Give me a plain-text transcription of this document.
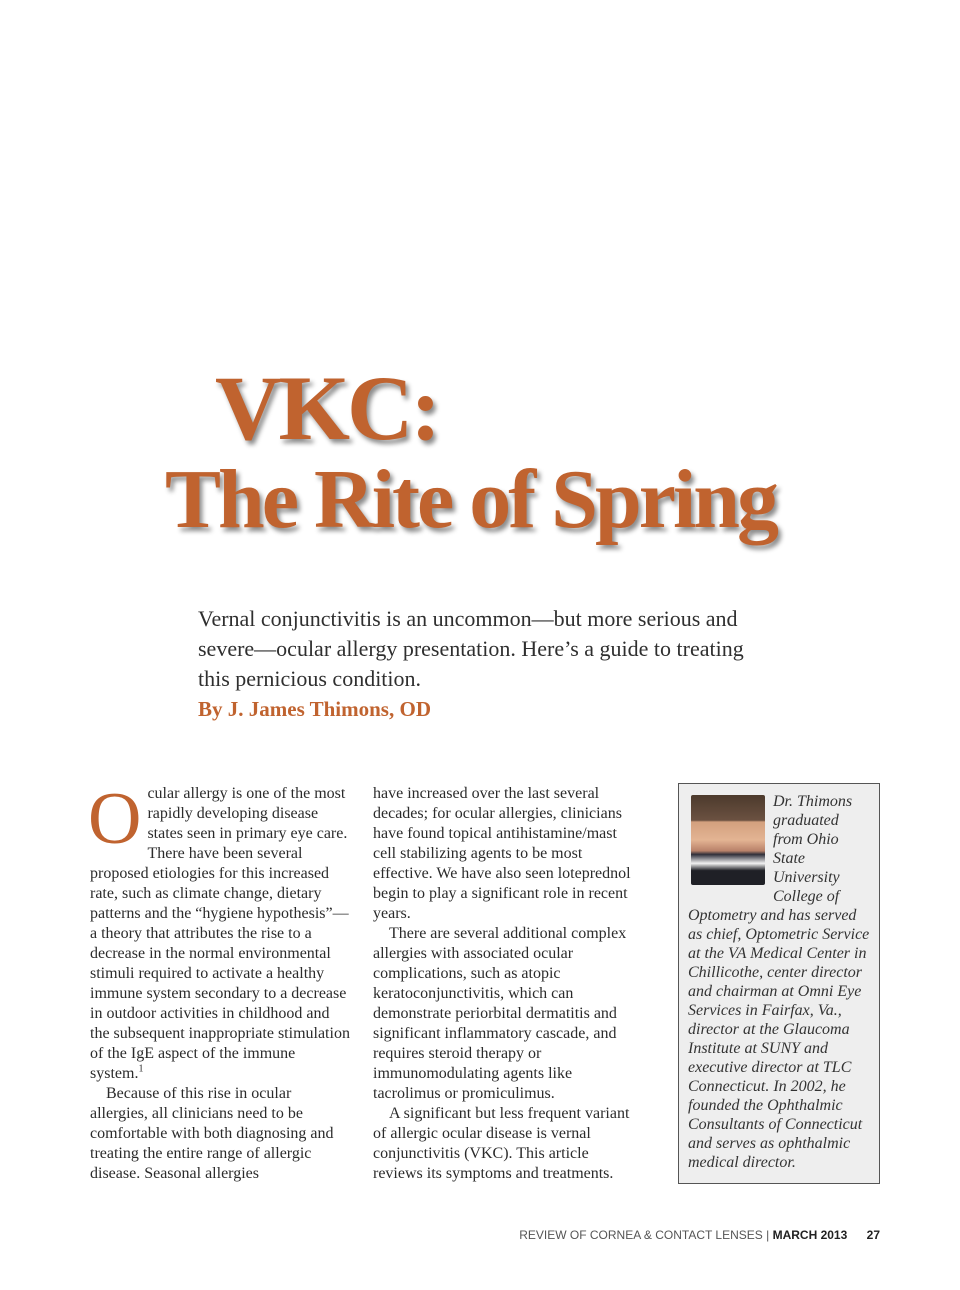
VKC:
The Rite of Spring

Vernal conjunctivitis is an uncommon—but more serious and severe—ocular allergy presentation. Here’s a guide to treating this pernicious condition.

By J. James Thimons, OD

Ocular allergy is one of the most rapidly developing disease states seen in primary eye care. There have been several proposed etiologies for this increased rate, such as climate change, dietary patterns and the “hygiene hypothesis”—a theory that attributes the rise to a decrease in the normal environmental stimuli required to activate a healthy immune system secondary to a decrease in outdoor activities in childhood and the subsequent inappropriate stimulation of the IgE aspect of the immune system.$^1$

Because of this rise in ocular allergies, all clinicians need to be comfortable with both diagnosing and treating the entire range of allergic disease. Seasonal allergies

have increased over the last several decades; for ocular allergies, clinicians have found topical antihistamine/mast cell stabilizing agents to be most effective. We have also seen loteprednol begin to play a significant role in recent years.

There are several additional complex allergies with associated ocular complications, such as atopic keratoconjunctivitis, which can demonstrate periorbital dermatitis and significant inflammatory cascade, and requires steroid therapy or immunomodulating agents like tacrolimus or promiculimus.

A significant but less frequent variant of allergic ocular disease is vernal conjunctivitis (VKC). This article reviews its symptoms and treatments.

Dr. Thimons graduated from Ohio State University College of Optometry and has served as chief, Optometric Service at the VA Medical Center in Chillicothe, center director and chairman at Omni Eye Services in Fairfax, Va., director at the Glaucoma Institute at SUNY and executive director at TLC Connecticut. In 2002, he founded the Ophthalmic Consultants of Connecticut and serves as ophthalmic medical director.

REVIEW OF CORNEA & CONTACT LENSES | MARCH 2013 27
